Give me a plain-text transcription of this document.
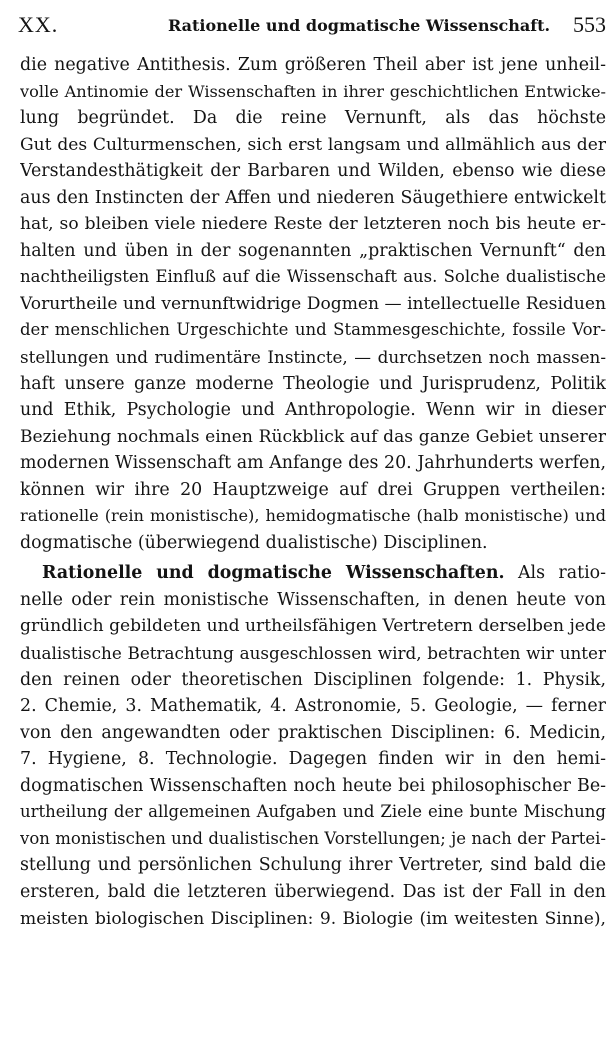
XX.	Rationelle und dogmatische Wissenschaft. 553
die negative Antithesis. Zum größeren Theil aber ist jene unheil-
volle Antinomie der Wissenschaften in ihrer geschichtlichen Entwicke-
lung begründet. Da die reine Vernunft, als das höchste
Gut des Culturmenschen, sich erst langsam und allmählich aus der
Verstandesthätigkeit der Barbaren und Wilden, ebenso wie diese
aus den Instincten der Affen und niederen Säugethiere entwickelt
hat, so bleiben viele niedere Reste der letzteren noch bis heute er-
halten und üben in der sogenannten „praktischen Vernunft“ den
nachtheiligsten Einfluß auf die Wissenschaft aus. Solche dualistische
Vorurtheile und vernunftwidrige Dogmen — intellectuelle Residuen
der menschlichen Urgeschichte und Stammesgeschichte, fossile Vor-
stellungen und rudimentäre Instincte, — durchsetzen noch massen-
haft unsere ganze moderne Theologie und Jurisprudenz, Politik
und Ethik, Psychologie und Anthropologie. Wenn wir in dieser
Beziehung nochmals einen Rückblick auf das ganze Gebiet unserer
modernen Wissenschaft am Anfange des 20. Jahrhunderts werfen,
können wir ihre 20 Hauptzweige auf drei Gruppen vertheilen:
rationelle (rein monistische), hemidogmatische (halb monistische) und
dogmatische (überwiegend dualistische) Disciplinen.
Rationelle und dogmatische Wissenschaften. Als ratio-
nelle oder rein monistische Wissenschaften, in denen heute von
gründlich gebildeten und urtheilsfähigen Vertretern derselben jede
dualistische Betrachtung ausgeschlossen wird, betrachten wir unter
den reinen oder theoretischen Disciplinen folgende: 1. Physik,
2. Chemie, 3. Mathematik, 4. Astronomie, 5. Geologie, — ferner
von den angewandten oder praktischen Disciplinen: 6. Medicin,
7. Hygiene, 8. Technologie. Dagegen finden wir in den hemi-
dogmatischen Wissenschaften noch heute bei philosophischer Be-
urtheilung der allgemeinen Aufgaben und Ziele eine bunte Mischung
von monistischen und dualistischen Vorstellungen; je nach der Partei-
stellung und persönlichen Schulung ihrer Vertreter, sind bald die
ersteren, bald die letzteren überwiegend. Das ist der Fall in den
meisten biologischen Disciplinen: 9. Biologie (im weitesten Sinne),
